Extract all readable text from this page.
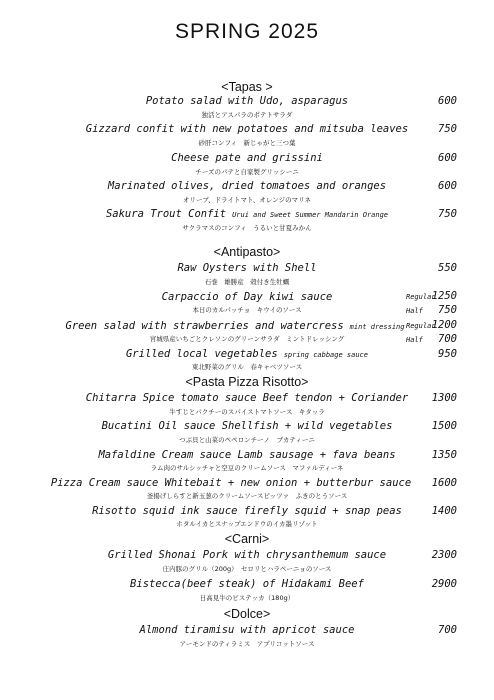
SPRING 2025
<Tapas >
Potato salad with Udo, asparagus
独活とアスパラのポテトサラダ
600
Gizzard confit with new potatoes and mitsuba leaves
砂肝コンフィ　新じゃがと三つ葉
750
Cheese pate and grissini
チーズのパテと自家製グリッシーニ
600
Marinated olives, dried tomatoes and oranges
オリーブ、ドライトマト、オレンジのマリネ
600
Sakura Trout Confit Urui and Sweet Summer Mandarin Orange
サクラマスのコンフィ　うるいと甘夏みかん
750
<Antipasto>
Raw Oysters with Shell
石巻　雄勝産　殻付き生牡蠣
550
Carpaccio of Day kiwi sauce
本日のカルパッチョ　キウイのソース
Regular
1250
Half 750
Green salad with strawberries and watercress mint dressing
宮城県産いちごとクレソンのグリーンサラダ　ミントドレッシング
Regular
1200
Half 700
Grilled local vegetables spring cabbage sauce
東北野菜のグリル　春キャベツソース
950
<Pasta Pizza Risotto>
Chitarra Spice tomato sauce Beef tendon + Coriander
牛すじとパクチーのスパイストマトソース　キタッラ
1300
Bucatini Oil sauce Shellfish + wild vegetables
つぶ貝と山菜のペペロンチーノ　ブカティーニ
1500
Mafaldine Cream sauce Lamb sausage + fava beans
ラム肉のサルシッチャと空豆のクリームソース　マファルディーネ
1350
Pizza Cream sauce Whitebait + new onion + butterbur sauce
釜揚げしらすと新玉葱のクリームソースピッツァ　ふきのとうソース
1600
Risotto squid ink sauce firefly squid + snap peas
ホタルイカとスナップエンドウのイカ墨リゾット
1400
<Carni>
Grilled Shonai Pork with chrysanthemum sauce
庄内豚のグリル（200g）　セロリとハラペーニョのソース
2300
Bistecca(beef steak) of Hidakami Beef
日高見牛のビステッカ（180g）
2900
<Dolce>
Almond tiramisu with apricot sauce
アーモンドのティラミス　アプリコットソース
700
